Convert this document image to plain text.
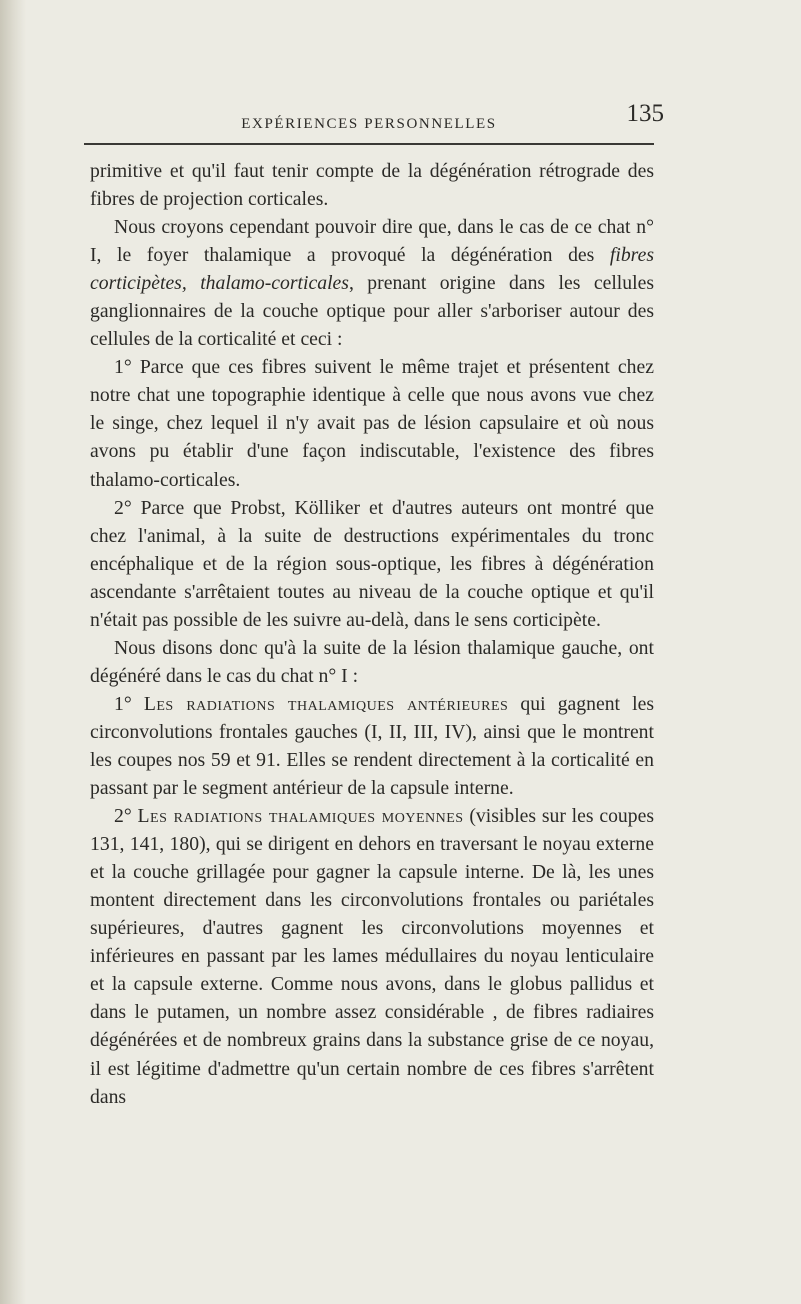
EXPÉRIENCES PERSONNELLES	135

primitive et qu'il faut tenir compte de la dégénération rétrograde des fibres de projection corticales.

Nous croyons cependant pouvoir dire que, dans le cas de ce chat n° I, le foyer thalamique a provoqué la dégénération des fibres corticipètes, thalamo-corticales, prenant origine dans les cellules ganglionnaires de la couche optique pour aller s'arboriser autour des cellules de la corticalité et ceci :

1° Parce que ces fibres suivent le même trajet et présentent chez notre chat une topographie identique à celle que nous avons vue chez le singe, chez lequel il n'y avait pas de lésion capsulaire et où nous avons pu établir d'une façon indiscutable, l'existence des fibres thalamo-corticales.

2° Parce que Probst, Kölliker et d'autres auteurs ont montré que chez l'animal, à la suite de destructions expérimentales du tronc encéphalique et de la région sous-optique, les fibres à dégénération ascendante s'arrêtaient toutes au niveau de la couche optique et qu'il n'était pas possible de les suivre au-delà, dans le sens corticipète.

Nous disons donc qu'à la suite de la lésion thalamique gauche, ont dégénéré dans le cas du chat n° I :

1° Les radiations thalamiques antérieures qui gagnent les circonvolutions frontales gauches (I, II, III, IV), ainsi que le montrent les coupes nos 59 et 91. Elles se rendent directement à la corticalité en passant par le segment antérieur de la capsule interne.

2° Les radiations thalamiques moyennes (visibles sur les coupes 131, 141, 180), qui se dirigent en dehors en traversant le noyau externe et la couche grillagée pour gagner la capsule interne. De là, les unes montent directement dans les circonvolutions frontales ou pariétales supérieures, d'autres gagnent les circonvolutions moyennes et inférieures en passant par les lames médullaires du noyau lenticulaire et la capsule externe. Comme nous avons, dans le globus pallidus et dans le putamen, un nombre assez considérable , de fibres radiaires dégénérées et de nombreux grains dans la substance grise de ce noyau, il est légitime d'admettre qu'un certain nombre de ces fibres s'arrêtent dans
